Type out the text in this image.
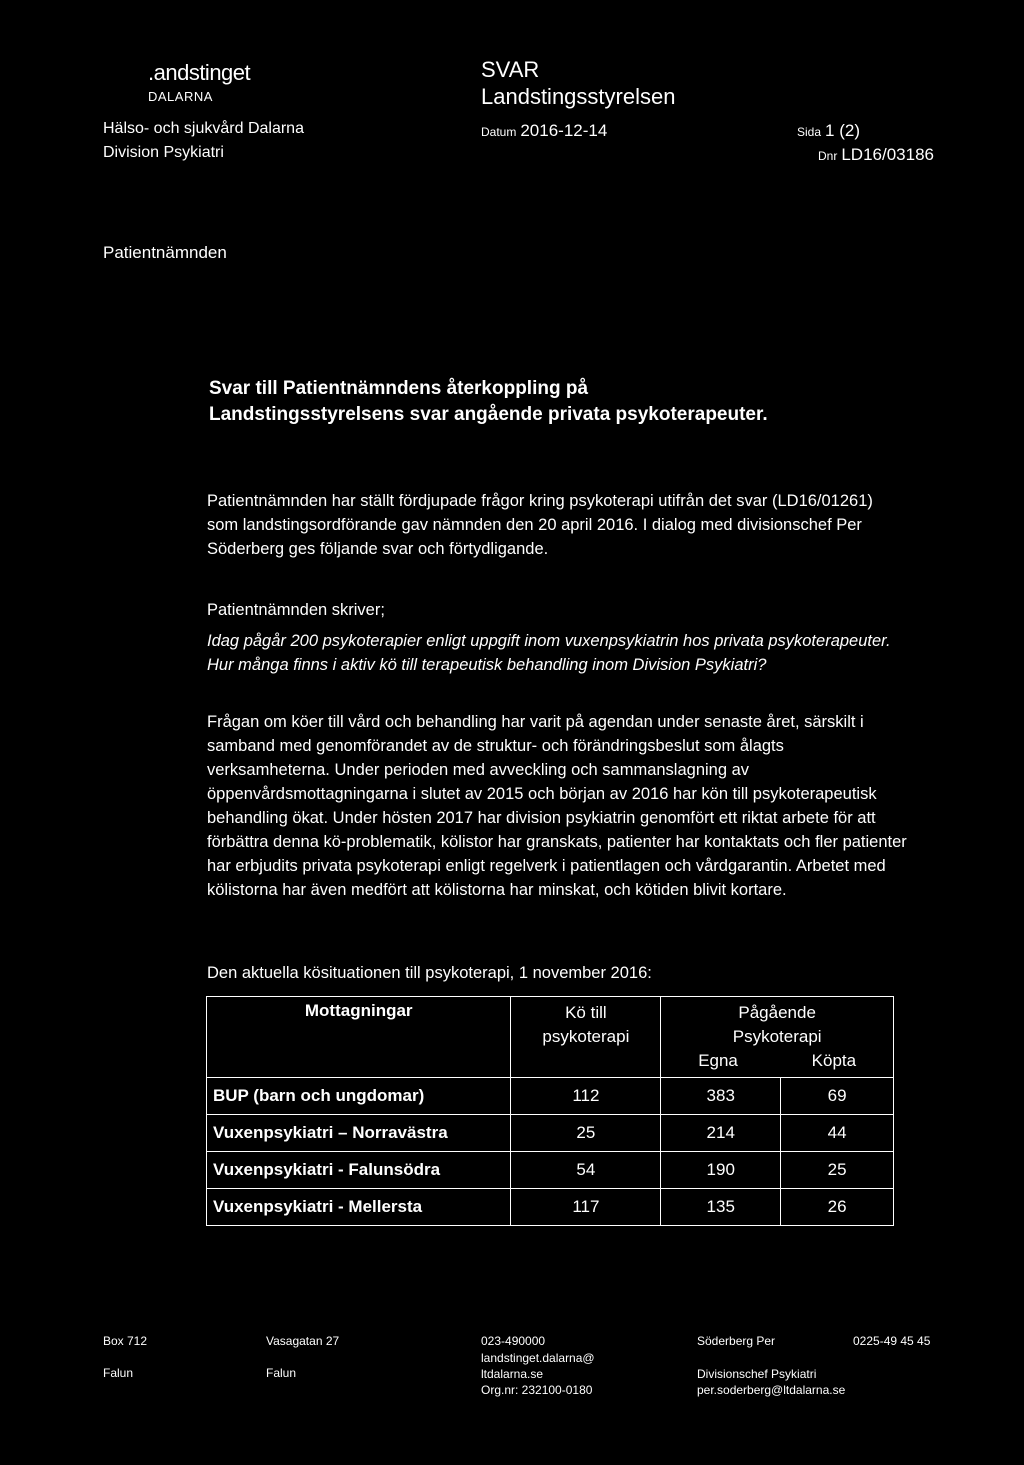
.andstinget
DALARNA
Hälso- och sjukvård Dalarna
Division Psykiatri
SVAR
Landstingsstyrelsen
Datum 2016-12-14	Sida 1 (2)
Dnr LD16/03186
Patientnämnden
Svar till Patientnämndens återkoppling på Landstingsstyrelsens svar angående privata psykoterapeuter.
Patientnämnden har ställt fördjupade frågor kring psykoterapi utifrån det svar (LD16/01261) som landstingsordförande gav nämnden den 20 april 2016. I dialog med divisionschef Per Söderberg ges följande svar och förtydligande.
Patientnämnden skriver;
Idag pågår 200 psykoterapier enligt uppgift inom vuxenpsykiatrin hos privata psykoterapeuter. Hur många finns i aktiv kö till terapeutisk behandling inom Division Psykiatri?
Frågan om köer till vård och behandling har varit på agendan under senaste året, särskilt i samband med genomförandet av de struktur- och förändringsbeslut som ålagts verksamheterna. Under perioden med avveckling och sammanslagning av öppenvårdsmottagningarna i slutet av 2015 och början av 2016 har kön till psykoterapeutisk behandling ökat. Under hösten 2017 har division psykiatrin genomfört ett riktat arbete för att förbättra denna kö-problematik, kölistor har granskats, patienter har kontaktats och fler patienter har erbjudits privata psykoterapi enligt regelverk i patientlagen och vårdgarantin. Arbetet med kölistorna har även medfört att kölistorna har minskat, och kötiden blivit kortare.
Den aktuella kösituationen till psykoterapi, 1 november 2016:
Mottagningar	Kö till psykoterapi	Pågående Psykoterapi
Egna Köpta	

BUP (barn och ungdomar)	112	383	69
Vuxenpsykiatri – Norravästra	25	214	44
Vuxenpsykiatri - Falunsödra	54	190	25
Vuxenpsykiatri - Mellersta	117	135	26
Box 712
Falun
Vasagatan 27
Falun
023-490000
landstinget.dalarna@
ltdalarna.se
Org.nr: 232100-0180
Söderberg Per	0225-49 45 45
Divisionschef Psykiatri
per.soderberg@ltdalarna.se
